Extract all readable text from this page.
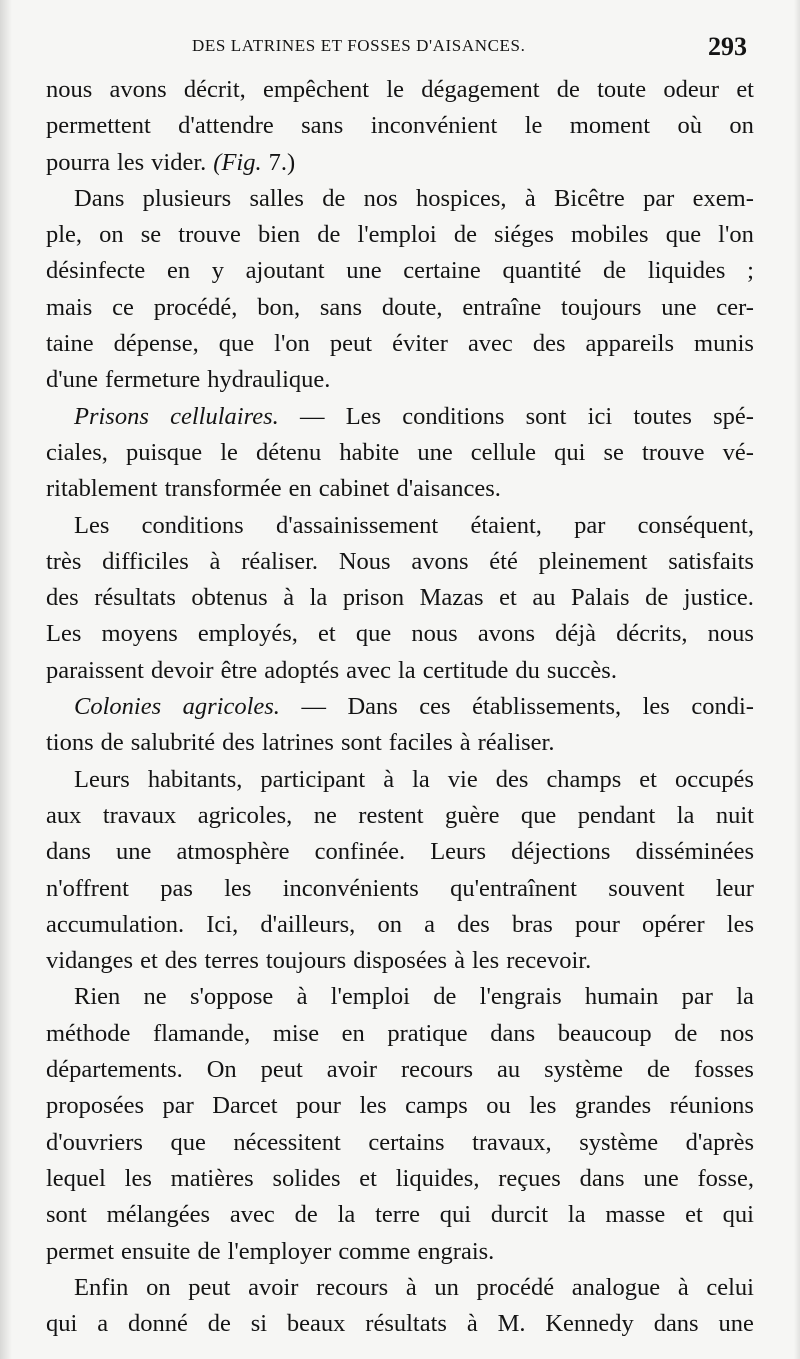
DES LATRINES ET FOSSES D'AISANCES.	293
nous avons décrit, empêchent le dégagement de toute odeur et
permettent d'attendre sans inconvénient le moment où on
pourra les vider. (Fig. 7.)
Dans plusieurs salles de nos hospices, à Bicêtre par exem-
ple, on se trouve bien de l'emploi de siéges mobiles que l'on
désinfecte en y ajoutant une certaine quantité de liquides ;
mais ce procédé, bon, sans doute, entraîne toujours une cer-
taine dépense, que l'on peut éviter avec des appareils munis
d'une fermeture hydraulique.
Prisons cellulaires. — Les conditions sont ici toutes spé-
ciales, puisque le détenu habite une cellule qui se trouve vé-
ritablement transformée en cabinet d'aisances.
Les conditions d'assainissement étaient, par conséquent,
très difficiles à réaliser. Nous avons été pleinement satisfaits
des résultats obtenus à la prison Mazas et au Palais de justice.
Les moyens employés, et que nous avons déjà décrits, nous
paraissent devoir être adoptés avec la certitude du succès.
Colonies agricoles. — Dans ces établissements, les condi-
tions de salubrité des latrines sont faciles à réaliser.
Leurs habitants, participant à la vie des champs et occupés
aux travaux agricoles, ne restent guère que pendant la nuit
dans une atmosphère confinée. Leurs déjections disséminées
n'offrent pas les inconvénients qu'entraînent souvent leur
accumulation. Ici, d'ailleurs, on a des bras pour opérer les
vidanges et des terres toujours disposées à les recevoir.
Rien ne s'oppose à l'emploi de l'engrais humain par la
méthode flamande, mise en pratique dans beaucoup de nos
départements. On peut avoir recours au système de fosses
proposées par Darcet pour les camps ou les grandes réunions
d'ouvriers que nécessitent certains travaux, système d'après
lequel les matières solides et liquides, reçues dans une fosse,
sont mélangées avec de la terre qui durcit la masse et qui
permet ensuite de l'employer comme engrais.
Enfin on peut avoir recours à un procédé analogue à celui
qui a donné de si beaux résultats à M. Kennedy dans une
